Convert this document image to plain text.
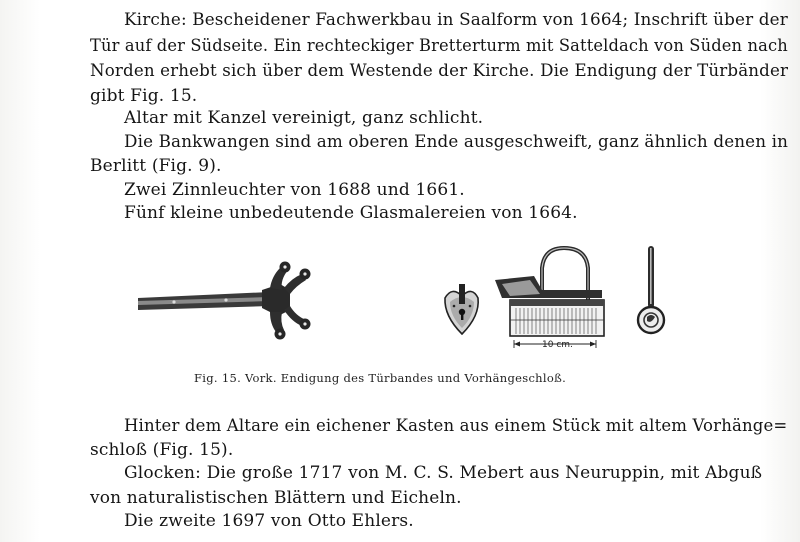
Kirche: Bescheidener Fachwerkbau in Saalform von 1664; Inschrift über der
Tür auf der Südseite. Ein rechteckiger Bretterturm mit Satteldach von Süden nach
Norden erhebt sich über dem Westende der Kirche. Die Endigung der Türbänder
gibt Fig. 15.
Altar mit Kanzel vereinigt, ganz schlicht.
Die Bankwangen sind am oberen Ende ausgeschweift, ganz ähnlich denen in
Berlitt (Fig. 9).
Zwei Zinnleuchter von 1688 und 1661.
Fünf kleine unbedeutende Glasmalereien von 1664.
10 cm.
Fig. 15. Vork. Endigung des Türbandes und Vorhängeschloß.
Hinter dem Altare ein eichener Kasten aus einem Stück mit altem Vorhänge=
schloß (Fig. 15).
Glocken: Die große 1717 von M. C. S. Mebert aus Neuruppin, mit Abguß
von naturalistischen Blättern und Eicheln.
Die zweite 1697 von Otto Ehlers.
